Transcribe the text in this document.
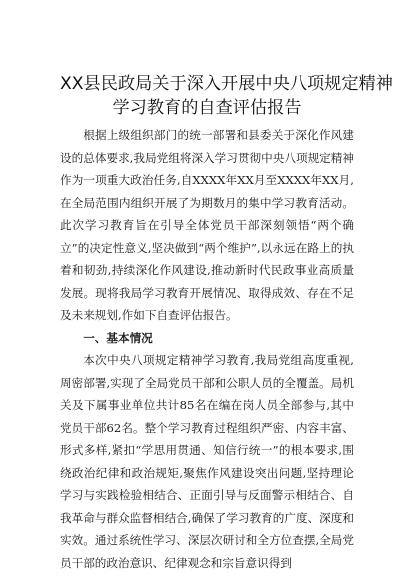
XX县民政局关于深入开展中央八项规定精神
学习教育的自查评估报告

根据上级组织部门的统一部署和县委关于深化作风建设的总体要求,我局党组将深入学习贯彻中央八项规定精神作为一项重大政治任务,自XXXX年XX月至XXXX年XX月,在全局范围内组织开展了为期数月的集中学习教育活动。此次学习教育旨在引导全体党员干部深刻领悟“两个确立”的决定性意义,坚决做到“两个维护”,以永远在路上的执着和韧劲,持续深化作风建设,推动新时代民政事业高质量发展。现将我局学习教育开展情况、取得成效、存在不足及未来规划,作如下自查评估报告。

一、基本情况

本次中央八项规定精神学习教育,我局党组高度重视,周密部署,实现了全局党员干部和公职人员的全覆盖。局机关及下属事业单位共计85名在编在岗人员全部参与,其中党员干部62名。整个学习教育过程组织严密、内容丰富、形式多样,紧扣“学思用贯通、知信行统一”的根本要求,围绕政治纪律和政治规矩,聚焦作风建设突出问题,坚持理论学习与实践检验相结合、正面引导与反面警示相结合、自我革命与群众监督相结合,确保了学习教育的广度、深度和实效。通过系统性学习、深层次研讨和全方位查摆,全局党员干部的政治意识、纪律观念和宗旨意识得到
